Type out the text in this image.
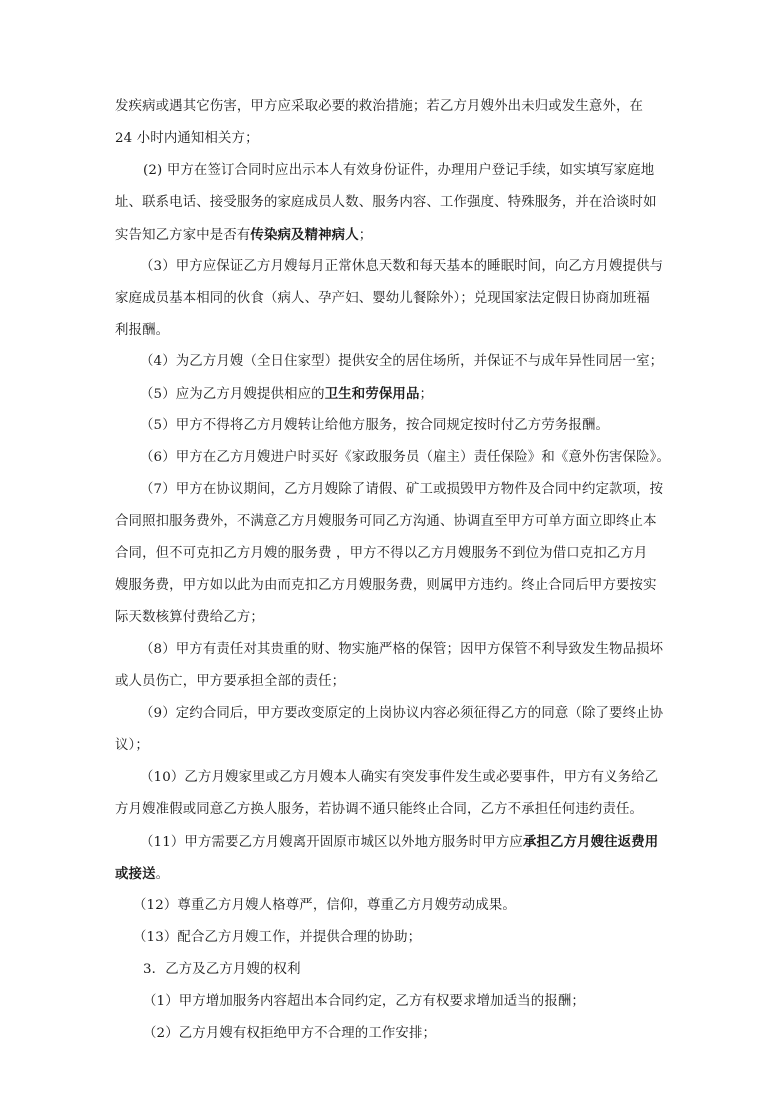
发疾病或遇其它伤害，甲方应采取必要的救治措施；若乙方月嫂外出未归或发生意外，在
24 小时内通知相关方；
(2) 甲方在签订合同时应出示本人有效身份证件，办理用户登记手续，如实填写家庭地
址、联系电话、接受服务的家庭成员人数、服务内容、工作强度、特殊服务，并在洽谈时如
实告知乙方家中是否有传染病及精神病人；
（3）甲方应保证乙方月嫂每月正常休息天数和每天基本的睡眠时间，向乙方月嫂提供与
家庭成员基本相同的伙食（病人、孕产妇、婴幼儿餐除外）；兑现国家法定假日协商加班福
利报酬。
（4）为乙方月嫂（全日住家型）提供安全的居住场所，并保证不与成年异性同居一室；
（5）应为乙方月嫂提供相应的卫生和劳保用品；
（5）甲方不得将乙方月嫂转让给他方服务，按合同规定按时付乙方劳务报酬。
（6）甲方在乙方月嫂进户时买好《家政服务员（雇主）责任保险》和《意外伤害保险》。
（7）甲方在协议期间，乙方月嫂除了请假、矿工或损毁甲方物件及合同中约定款项，按
合同照扣服务费外，不满意乙方月嫂服务可同乙方沟通、协调直至甲方可单方面立即终止本
合同，但不可克扣乙方月嫂的服务费 ，甲方不得以乙方月嫂服务不到位为借口克扣乙方月
嫂服务费，甲方如以此为由而克扣乙方月嫂服务费，则属甲方违约。终止合同后甲方要按实
际天数核算付费给乙方；
（8）甲方有责任对其贵重的财、物实施严格的保管；因甲方保管不利导致发生物品损坏
或人员伤亡，甲方要承担全部的责任；
（9）定约合同后，甲方要改变原定的上岗协议内容必须征得乙方的同意（除了要终止协
议）；
（10）乙方月嫂家里或乙方月嫂本人确实有突发事件发生或必要事件，甲方有义务给乙
方月嫂准假或同意乙方换人服务，若协调不通只能终止合同，乙方不承担任何违约责任。
（11）甲方需要乙方月嫂离开固原市城区以外地方服务时甲方应承担乙方月嫂往返费用
或接送。
（12）尊重乙方月嫂人格尊严，信仰，尊重乙方月嫂劳动成果。
（13）配合乙方月嫂工作，并提供合理的协助；
3．乙方及乙方月嫂的权利
（1）甲方增加服务内容超出本合同约定，乙方有权要求增加适当的报酬；
（2）乙方月嫂有权拒绝甲方不合理的工作安排；
